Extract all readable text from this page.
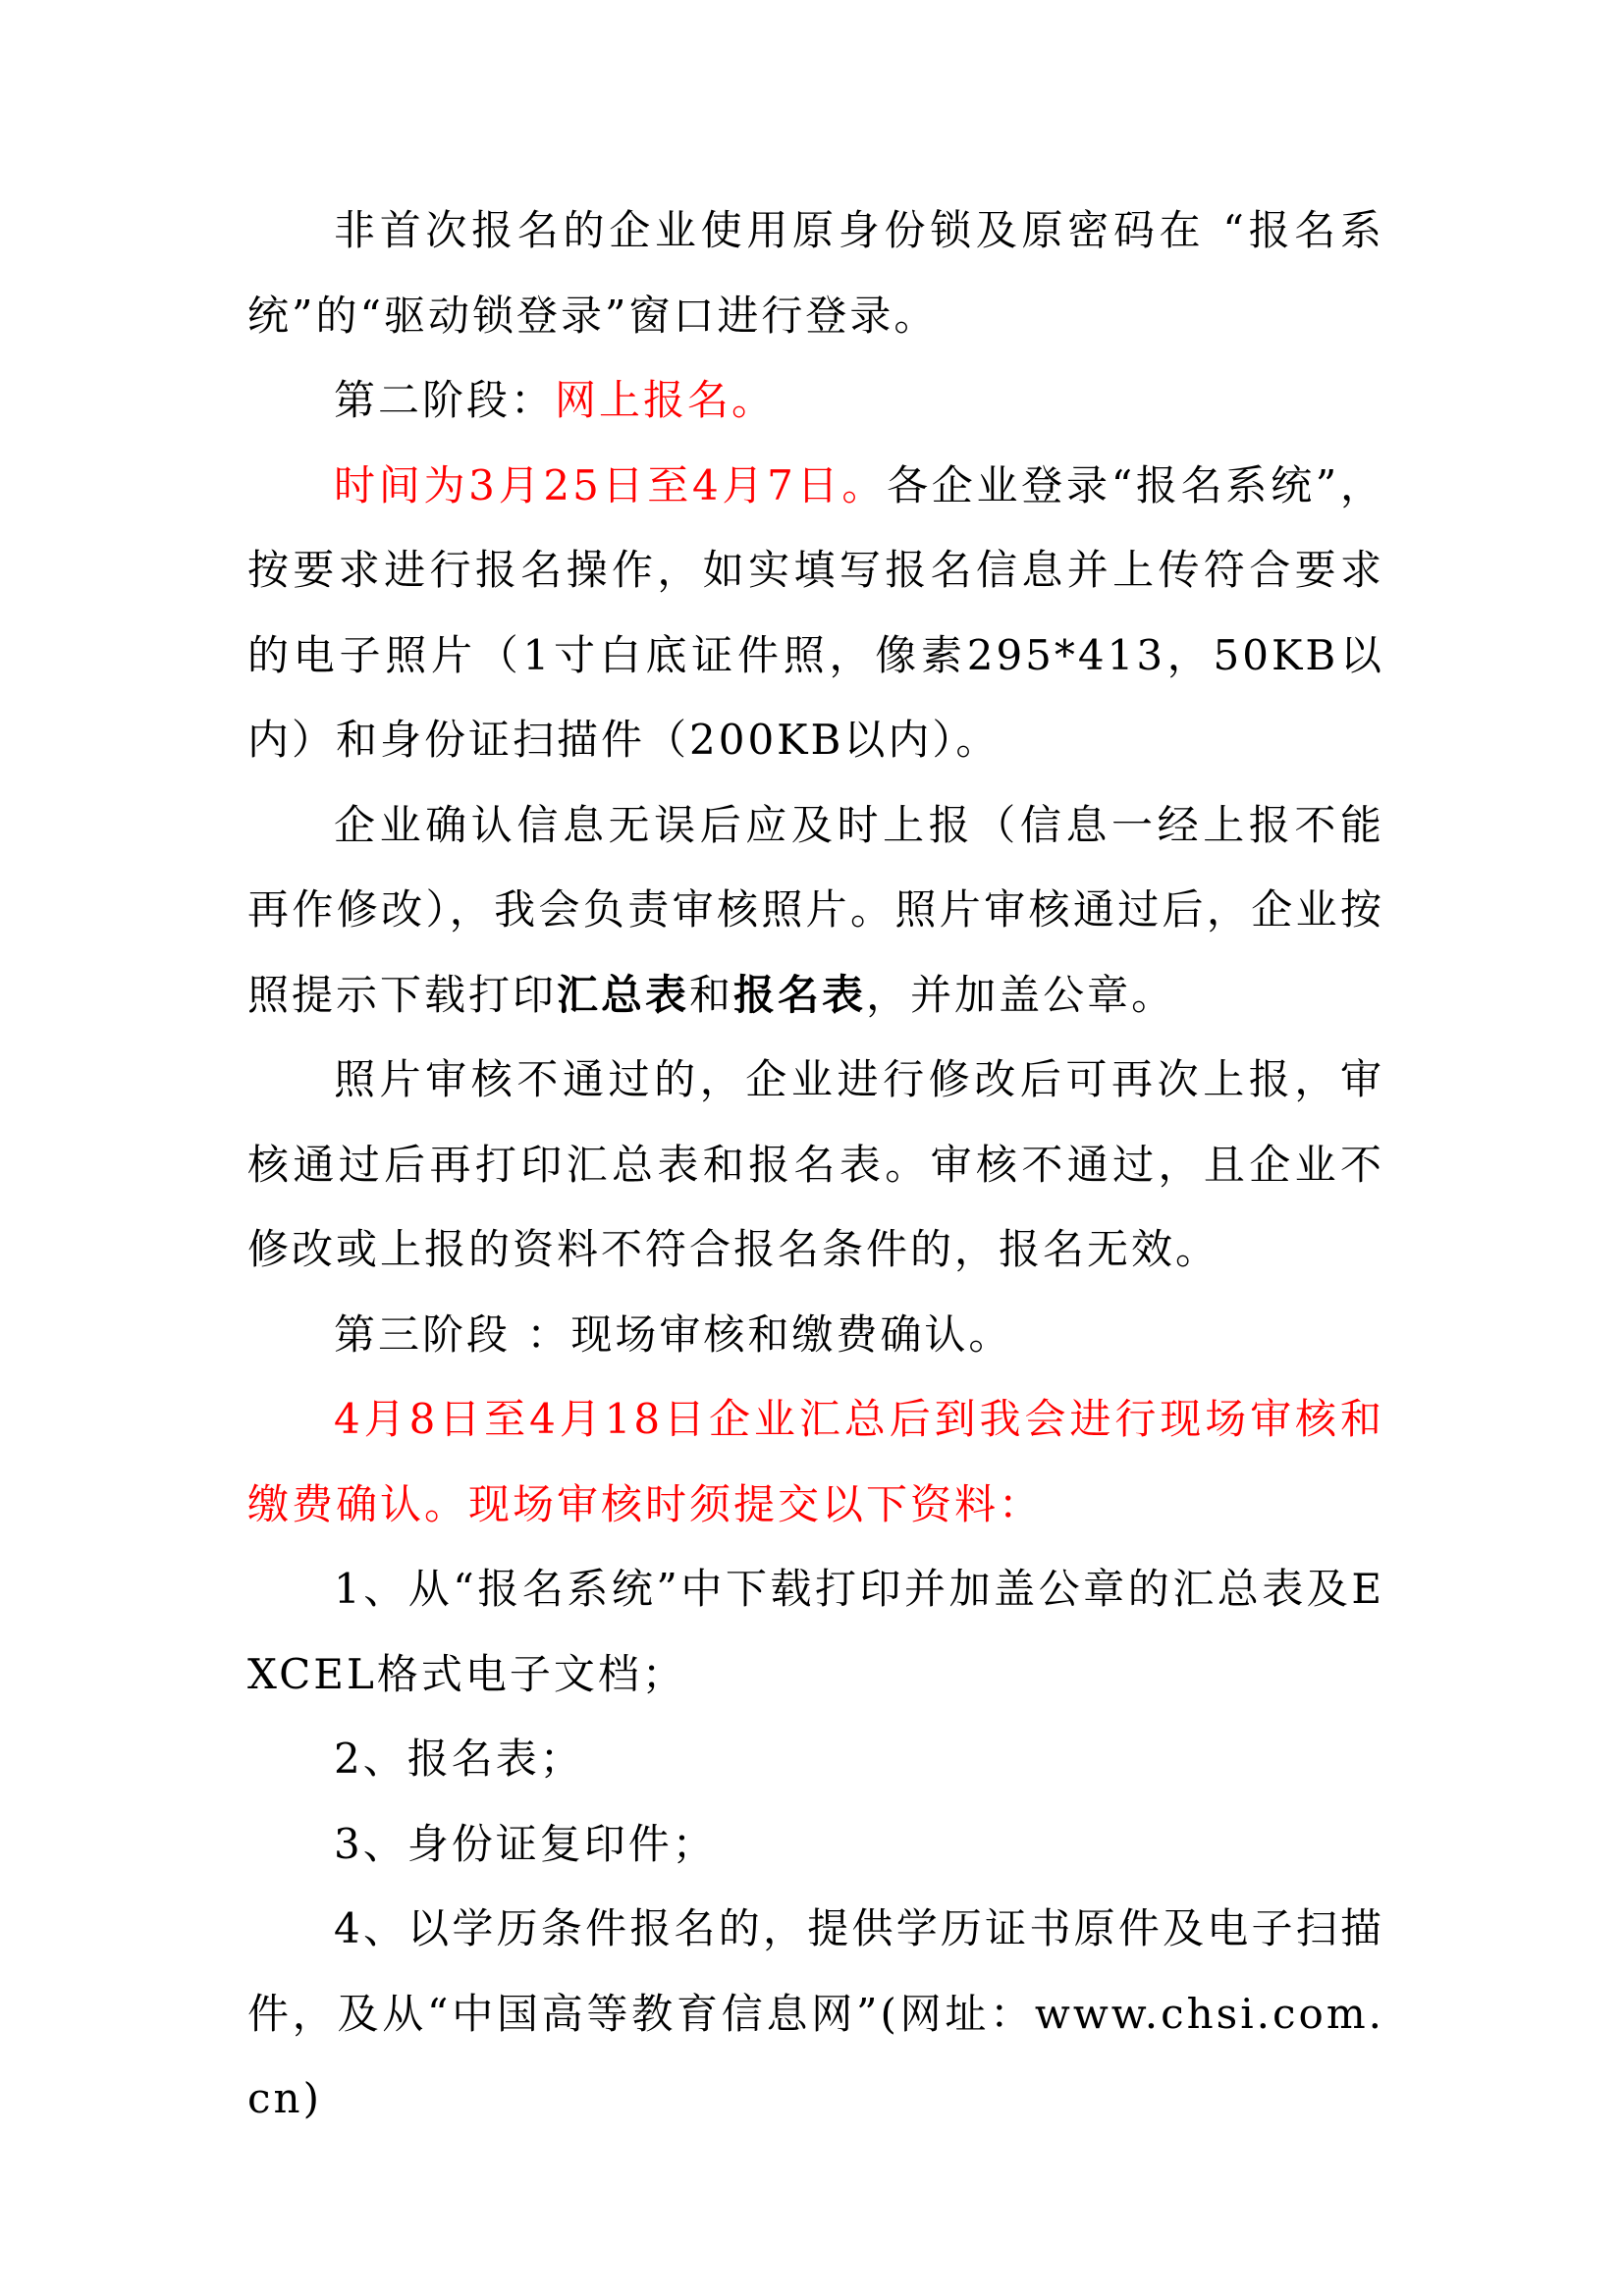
非首次报名的企业使用原身份锁及原密码在 “报名系统”的“驱动锁登录”窗口进行登录。

第二阶段：网上报名。

时间为3月25日至4月7日。各企业登录“报名系统”，按要求进行报名操作，如实填写报名信息并上传符合要求的电子照片（1寸白底证件照，像素295*413，50KB以内）和身份证扫描件（200KB以内）。

企业确认信息无误后应及时上报（信息一经上报不能再作修改），我会负责审核照片。照片审核通过后，企业按照提示下载打印汇总表和报名表，并加盖公章。

照片审核不通过的，企业进行修改后可再次上报，审核通过后再打印汇总表和报名表。审核不通过，且企业不修改或上报的资料不符合报名条件的，报名无效。

第三阶段 ：现场审核和缴费确认。

4月8日至4月18日企业汇总后到我会进行现场审核和缴费确认。现场审核时须提交以下资料：

1、从“报名系统”中下载打印并加盖公章的汇总表及EXCEL格式电子文档；

2、报名表；

3、身份证复印件；

4、以学历条件报名的，提供学历证书原件及电子扫描件，及从“中国高等教育信息网”(网址：www.chsi.com.cn)
